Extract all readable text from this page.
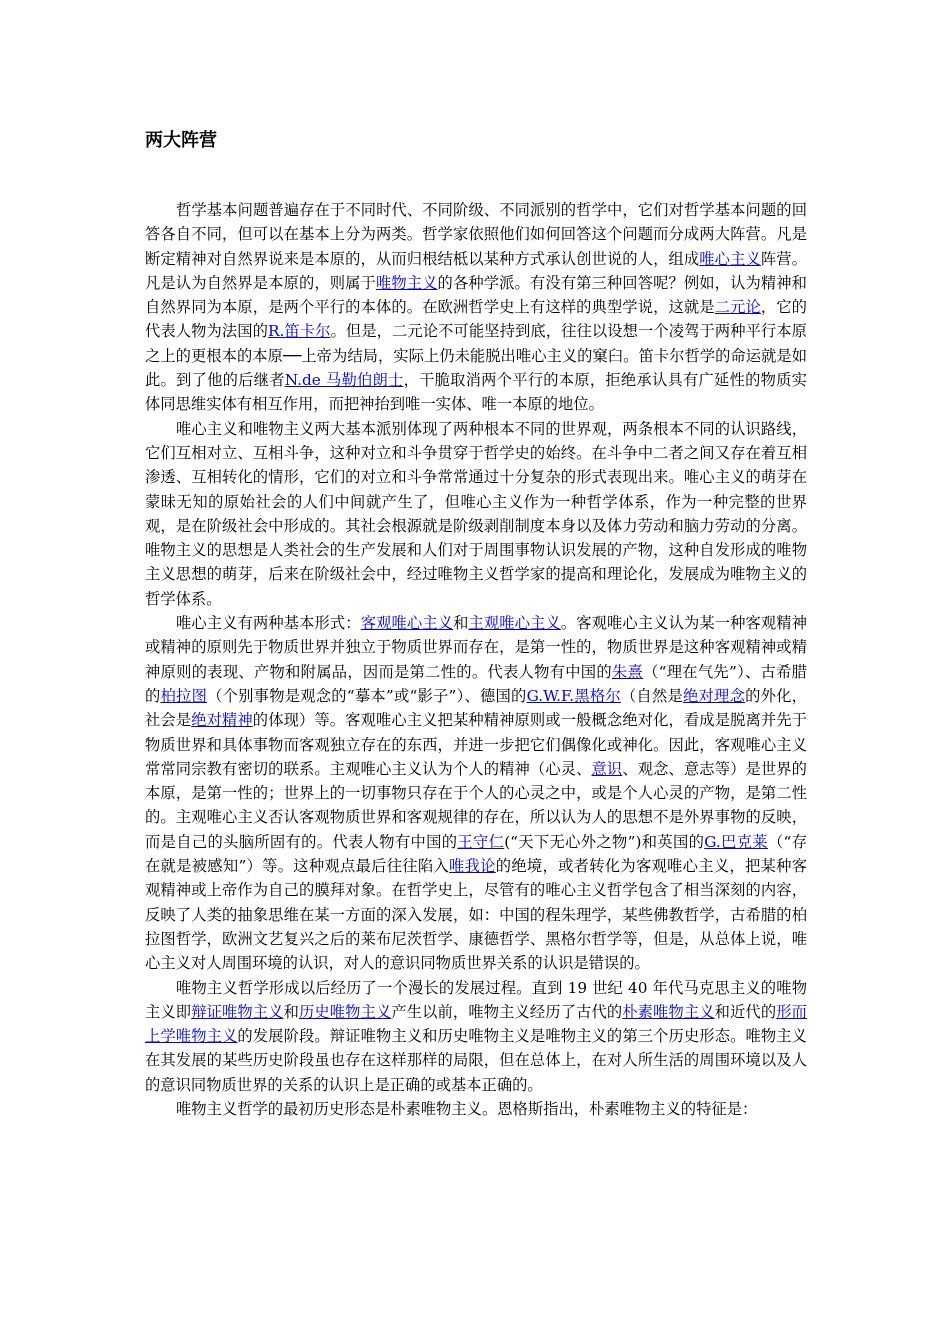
两大阵营

哲学基本问题普遍存在于不同时代、不同阶级、不同派别的哲学中，它们对哲学基本问题的回答各自不同，但可以在基本上分为两类。哲学家依照他们如何回答这个问题而分成两大阵营。凡是断定精神对自然界说来是本原的，从而归根结柢以某种方式承认创世说的人，组成唯心主义阵营。凡是认为自然界是本原的，则属于唯物主义的各种学派。有没有第三种回答呢？例如，认为精神和自然界同为本原，是两个平行的本体的。在欧洲哲学史上有这样的典型学说，这就是二元论，它的代表人物为法国的R.笛卡尔。但是，二元论不可能坚持到底，往往以设想一个凌驾于两种平行本原之上的更根本的本原──上帝为结局，实际上仍未能脱出唯心主义的窠臼。笛卡尔哲学的命运就是如此。到了他的后继者N.de 马勒伯朗士，干脆取消两个平行的本原，拒绝承认具有广延性的物质实体同思维实体有相互作用，而把神抬到唯一实体、唯一本原的地位。

唯心主义和唯物主义两大基本派别体现了两种根本不同的世界观，两条根本不同的认识路线，它们互相对立、互相斗争，这种对立和斗争贯穿于哲学史的始终。在斗争中二者之间又存在着互相渗透、互相转化的情形，它们的对立和斗争常常通过十分复杂的形式表现出来。唯心主义的萌芽在蒙昧无知的原始社会的人们中间就产生了，但唯心主义作为一种哲学体系，作为一种完整的世界观，是在阶级社会中形成的。其社会根源就是阶级剥削制度本身以及体力劳动和脑力劳动的分离。唯物主义的思想是人类社会的生产发展和人们对于周围事物认识发展的产物，这种自发形成的唯物主义思想的萌芽，后来在阶级社会中，经过唯物主义哲学家的提高和理论化，发展成为唯物主义的哲学体系。

唯心主义有两种基本形式：客观唯心主义和主观唯心主义。客观唯心主义认为某一种客观精神或精神的原则先于物质世界并独立于物质世界而存在，是第一性的，物质世界是这种客观精神或精神原则的表现、产物和附属品，因而是第二性的。代表人物有中国的朱熹（“理在气先”）、古希腊的柏拉图（个别事物是观念的“摹本”或“影子”）、德国的G.W.F.黑格尔（自然是绝对理念的外化，社会是绝对精神的体现）等。客观唯心主义把某种精神原则或一般概念绝对化，看成是脱离并先于物质世界和具体事物而客观独立存在的东西，并进一步把它们偶像化或神化。因此，客观唯心主义常常同宗教有密切的联系。主观唯心主义认为个人的精神（心灵、意识、观念、意志等）是世界的本原，是第一性的；世界上的一切事物只存在于个人的心灵之中，或是个人心灵的产物，是第二性的。主观唯心主义否认客观物质世界和客观规律的存在，所以认为人的思想不是外界事物的反映，而是自己的头脑所固有的。代表人物有中国的王守仁(“天下无心外之物”)和英国的G.巴克莱（“存在就是被感知”）等。这种观点最后往往陷入唯我论的绝境，或者转化为客观唯心主义，把某种客观精神或上帝作为自己的膜拜对象。在哲学史上，尽管有的唯心主义哲学包含了相当深刻的内容，反映了人类的抽象思维在某一方面的深入发展，如：中国的程朱理学，某些佛教哲学，古希腊的柏拉图哲学，欧洲文艺复兴之后的莱布尼茨哲学、康德哲学、黑格尔哲学等，但是，从总体上说，唯心主义对人周围环境的认识，对人的意识同物质世界关系的认识是错误的。

唯物主义哲学形成以后经历了一个漫长的发展过程。直到 19 世纪 40 年代马克思主义的唯物主义即辩证唯物主义和历史唯物主义产生以前，唯物主义经历了古代的朴素唯物主义和近代的形而上学唯物主义的发展阶段。辩证唯物主义和历史唯物主义是唯物主义的第三个历史形态。唯物主义在其发展的某些历史阶段虽也存在这样那样的局限，但在总体上，在对人所生活的周围环境以及人的意识同物质世界的关系的认识上是正确的或基本正确的。

唯物主义哲学的最初历史形态是朴素唯物主义。恩格斯指出，朴素唯物主义的特征是：
